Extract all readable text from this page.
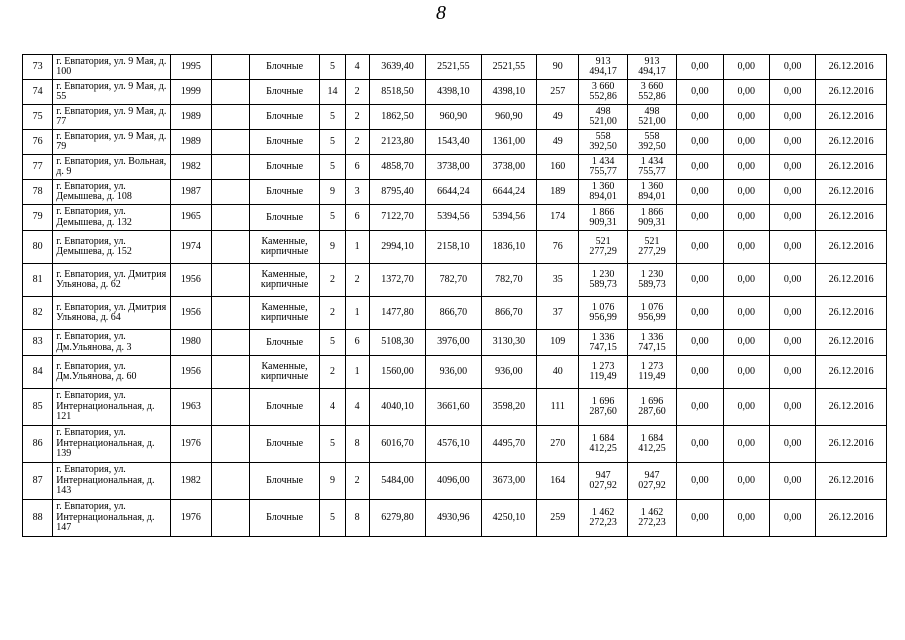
8
73	г. Евпатория, ул. 9 Мая, д. 100	1995		Блочные	5	4	3639,40	2521,55	2521,55	90	913 494,17	913 494,17	0,00	0,00	0,00	26.12.2016
74	г. Евпатория, ул. 9 Мая, д. 55	1999		Блочные	14	2	8518,50	4398,10	4398,10	257	3 660 552,86	3 660 552,86	0,00	0,00	0,00	26.12.2016
75	г. Евпатория, ул. 9 Мая, д. 77	1989		Блочные	5	2	1862,50	960,90	960,90	49	498 521,00	498 521,00	0,00	0,00	0,00	26.12.2016
76	г. Евпатория, ул. 9 Мая, д. 79	1989		Блочные	5	2	2123,80	1543,40	1361,00	49	558 392,50	558 392,50	0,00	0,00	0,00	26.12.2016
77	г. Евпатория, ул. Вольная, д. 9	1982		Блочные	5	6	4858,70	3738,00	3738,00	160	1 434 755,77	1 434 755,77	0,00	0,00	0,00	26.12.2016
78	г. Евпатория, ул. Демышева, д. 108	1987		Блочные	9	3	8795,40	6644,24	6644,24	189	1 360 894,01	1 360 894,01	0,00	0,00	0,00	26.12.2016
79	г. Евпатория, ул. Демышева, д. 132	1965		Блочные	5	6	7122,70	5394,56	5394,56	174	1 866 909,31	1 866 909,31	0,00	0,00	0,00	26.12.2016
80	г. Евпатория, ул. Демышева, д. 152	1974		Каменные, кирпичные	9	1	2994,10	2158,10	1836,10	76	521 277,29	521 277,29	0,00	0,00	0,00	26.12.2016
81	г. Евпатория, ул. Дмитрия Ульянова, д. 62	1956		Каменные, кирпичные	2	2	1372,70	782,70	782,70	35	1 230 589,73	1 230 589,73	0,00	0,00	0,00	26.12.2016
82	г. Евпатория, ул. Дмитрия Ульянова, д. 64	1956		Каменные, кирпичные	2	1	1477,80	866,70	866,70	37	1 076 956,99	1 076 956,99	0,00	0,00	0,00	26.12.2016
83	г. Евпатория, ул. Дм.Ульянова, д. 3	1980		Блочные	5	6	5108,30	3976,00	3130,30	109	1 336 747,15	1 336 747,15	0,00	0,00	0,00	26.12.2016
84	г. Евпатория, ул. Дм.Ульянова, д. 60	1956		Каменные, кирпичные	2	1	1560,00	936,00	936,00	40	1 273 119,49	1 273 119,49	0,00	0,00	0,00	26.12.2016
85	г. Евпатория, ул. Интернациональная, д. 121	1963		Блочные	4	4	4040,10	3661,60	3598,20	111	1 696 287,60	1 696 287,60	0,00	0,00	0,00	26.12.2016
86	г. Евпатория, ул. Интернациональная, д. 139	1976		Блочные	5	8	6016,70	4576,10	4495,70	270	1 684 412,25	1 684 412,25	0,00	0,00	0,00	26.12.2016
87	г. Евпатория, ул. Интернациональная, д. 143	1982		Блочные	9	2	5484,00	4096,00	3673,00	164	947 027,92	947 027,92	0,00	0,00	0,00	26.12.2016
88	г. Евпатория, ул. Интернациональная, д. 147	1976		Блочные	5	8	6279,80	4930,96	4250,10	259	1 462 272,23	1 462 272,23	0,00	0,00	0,00	26.12.2016
